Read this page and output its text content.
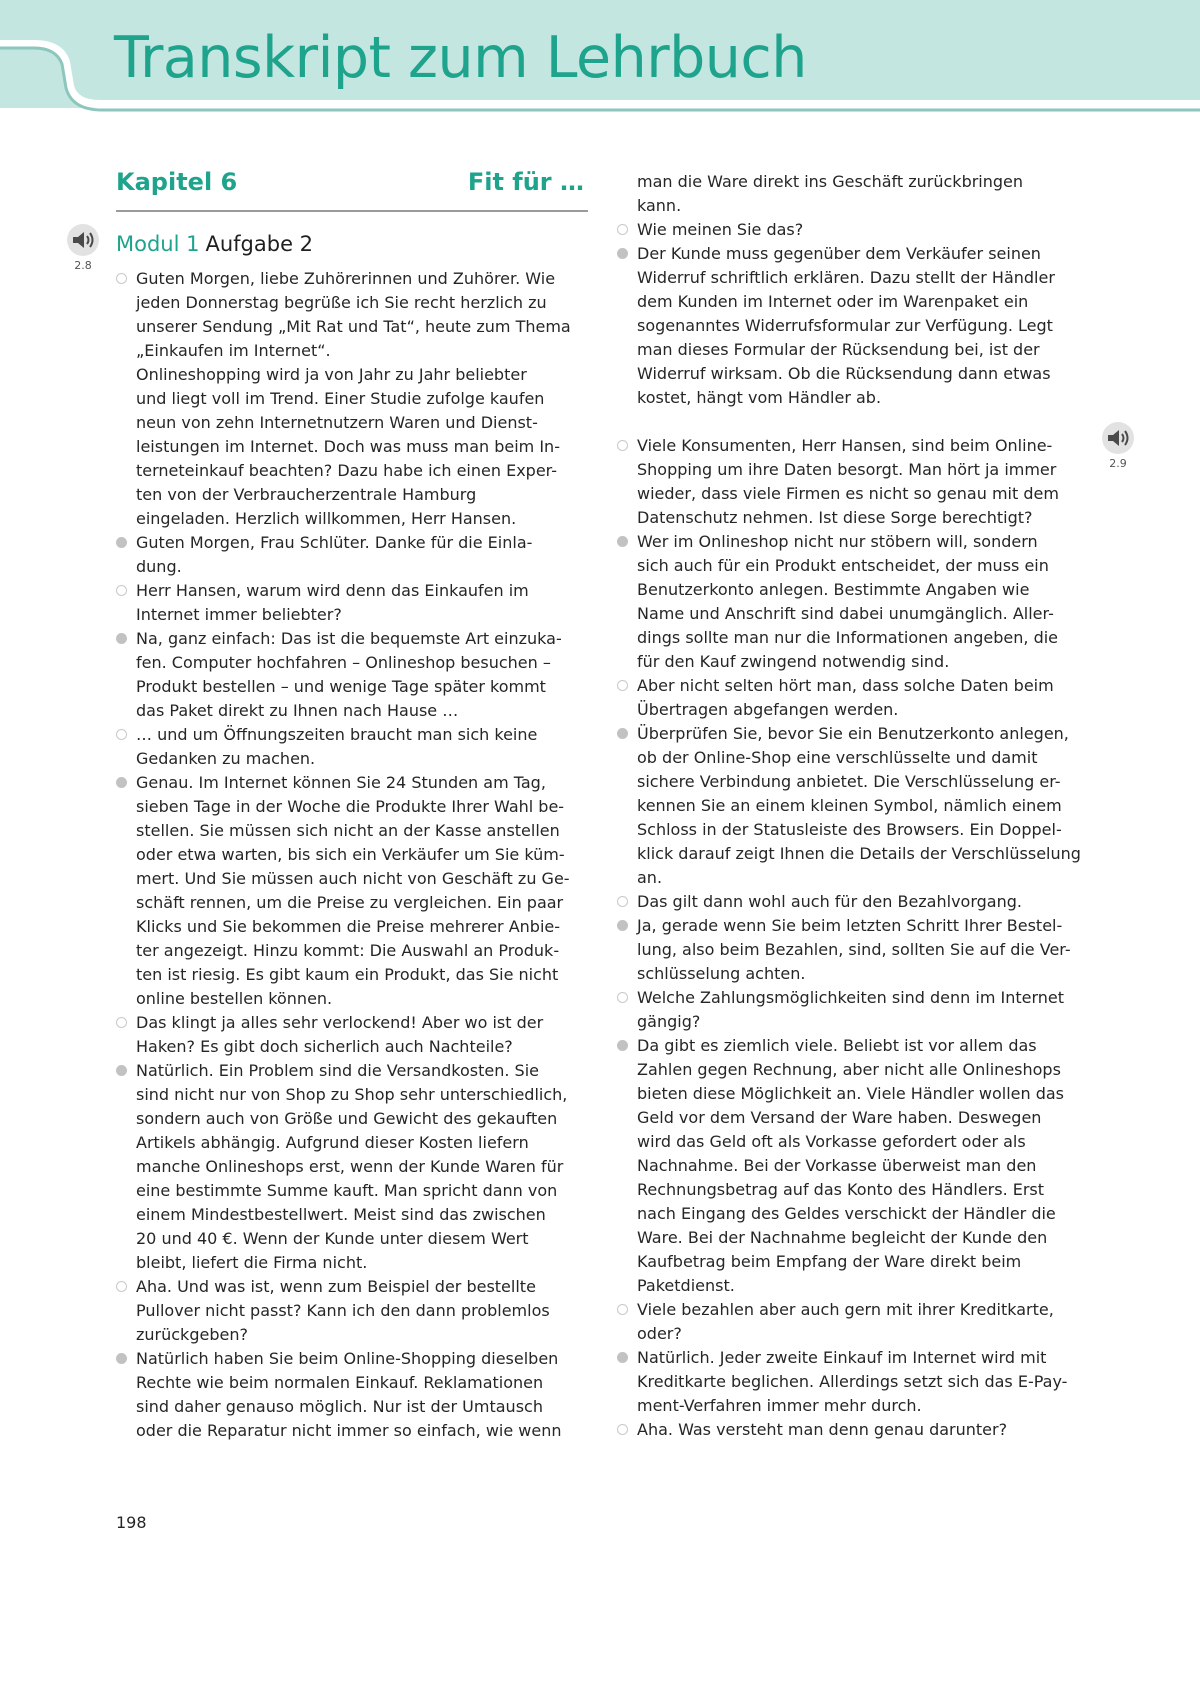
Transkript zum Lehrbuch
Kapitel 6	Fit für …
Modul 1 Aufgabe 2
2.8
2.9

Guten Morgen, liebe Zuhörerinnen und Zuhörer. Wie
jeden Donnerstag begrüße ich Sie recht herzlich zu
unserer Sendung „Mit Rat und Tat“, heute zum Thema
„Einkaufen im Internet“.
Onlineshopping wird ja von Jahr zu Jahr beliebter
und liegt voll im Trend. Einer Studie zufolge kaufen
neun von zehn Internetnutzern Waren und Dienst-
leistungen im Internet. Doch was muss man beim In-
terneteinkauf beachten? Dazu habe ich einen Exper-
ten von der Verbraucherzentrale Hamburg
eingeladen. Herzlich willkommen, Herr Hansen.

Guten Morgen, Frau Schlüter. Danke für die Einla-
dung.

Herr Hansen, warum wird denn das Einkaufen im
Internet immer beliebter?

Na, ganz einfach: Das ist die bequemste Art einzuka-
fen. Computer hochfahren – Onlineshop besuchen –
Produkt bestellen – und wenige Tage später kommt
das Paket direkt zu Ihnen nach Hause …

… und um Öffnungszeiten braucht man sich keine
Gedanken zu machen.

Genau. Im Internet können Sie 24 Stunden am Tag,
sieben Tage in der Woche die Produkte Ihrer Wahl be-
stellen. Sie müssen sich nicht an der Kasse anstellen
oder etwa warten, bis sich ein Verkäufer um Sie küm-
mert. Und Sie müssen auch nicht von Geschäft zu Ge-
schäft rennen, um die Preise zu vergleichen. Ein paar
Klicks und Sie bekommen die Preise mehrerer Anbie-
ter angezeigt. Hinzu kommt: Die Auswahl an Produk-
ten ist riesig. Es gibt kaum ein Produkt, das Sie nicht
online bestellen können.

Das klingt ja alles sehr verlockend! Aber wo ist der
Haken? Es gibt doch sicherlich auch Nachteile?

Natürlich. Ein Problem sind die Versandkosten. Sie
sind nicht nur von Shop zu Shop sehr unterschiedlich,
sondern auch von Größe und Gewicht des gekauften
Artikels abhängig. Aufgrund dieser Kosten liefern
manche Onlineshops erst, wenn der Kunde Waren für
eine bestimmte Summe kauft. Man spricht dann von
einem Mindestbestellwert. Meist sind das zwischen
20 und 40 €. Wenn der Kunde unter diesem Wert
bleibt, liefert die Firma nicht.

Aha. Und was ist, wenn zum Beispiel der bestellte
Pullover nicht passt? Kann ich den dann problemlos
zurückgeben?

Natürlich haben Sie beim Online-Shopping dieselben
Rechte wie beim normalen Einkauf. Reklamationen
sind daher genauso möglich. Nur ist der Umtausch
oder die Reparatur nicht immer so einfach, wie wenn

man die Ware direkt ins Geschäft zurückbringen
kann.

Wie meinen Sie das?

Der Kunde muss gegenüber dem Verkäufer seinen
Widerruf schriftlich erklären. Dazu stellt der Händler
dem Kunden im Internet oder im Warenpaket ein
sogenanntes Widerrufsformular zur Verfügung. Legt
man dieses Formular der Rücksendung bei, ist der
Widerruf wirksam. Ob die Rücksendung dann etwas
kostet, hängt vom Händler ab.

Viele Konsumenten, Herr Hansen, sind beim Online-
Shopping um ihre Daten besorgt. Man hört ja immer
wieder, dass viele Firmen es nicht so genau mit dem
Datenschutz nehmen. Ist diese Sorge berechtigt?

Wer im Onlineshop nicht nur stöbern will, sondern
sich auch für ein Produkt entscheidet, der muss ein
Benutzerkonto anlegen. Bestimmte Angaben wie
Name und Anschrift sind dabei unumgänglich. Aller-
dings sollte man nur die Informationen angeben, die
für den Kauf zwingend notwendig sind.

Aber nicht selten hört man, dass solche Daten beim
Übertragen abgefangen werden.

Überprüfen Sie, bevor Sie ein Benutzerkonto anlegen,
ob der Online-Shop eine verschlüsselte und damit
sichere Verbindung anbietet. Die Verschlüsselung er-
kennen Sie an einem kleinen Symbol, nämlich einem
Schloss in der Statusleiste des Browsers. Ein Doppel-
klick darauf zeigt Ihnen die Details der Verschlüsselung
an.

Das gilt dann wohl auch für den Bezahlvorgang.

Ja, gerade wenn Sie beim letzten Schritt Ihrer Bestel-
lung, also beim Bezahlen, sind, sollten Sie auf die Ver-
schlüsselung achten.

Welche Zahlungsmöglichkeiten sind denn im Internet
gängig?

Da gibt es ziemlich viele. Beliebt ist vor allem das
Zahlen gegen Rechnung, aber nicht alle Onlineshops
bieten diese Möglichkeit an. Viele Händler wollen das
Geld vor dem Versand der Ware haben. Deswegen
wird das Geld oft als Vorkasse gefordert oder als
Nachnahme. Bei der Vorkasse überweist man den
Rechnungsbetrag auf das Konto des Händlers. Erst
nach Eingang des Geldes verschickt der Händler die
Ware. Bei der Nachnahme begleicht der Kunde den
Kaufbetrag beim Empfang der Ware direkt beim
Paketdienst.

Viele bezahlen aber auch gern mit ihrer Kreditkarte,
oder?

Natürlich. Jeder zweite Einkauf im Internet wird mit
Kreditkarte beglichen. Allerdings setzt sich das E-Pay-
ment-Verfahren immer mehr durch.

Aha. Was versteht man denn genau darunter?

198
